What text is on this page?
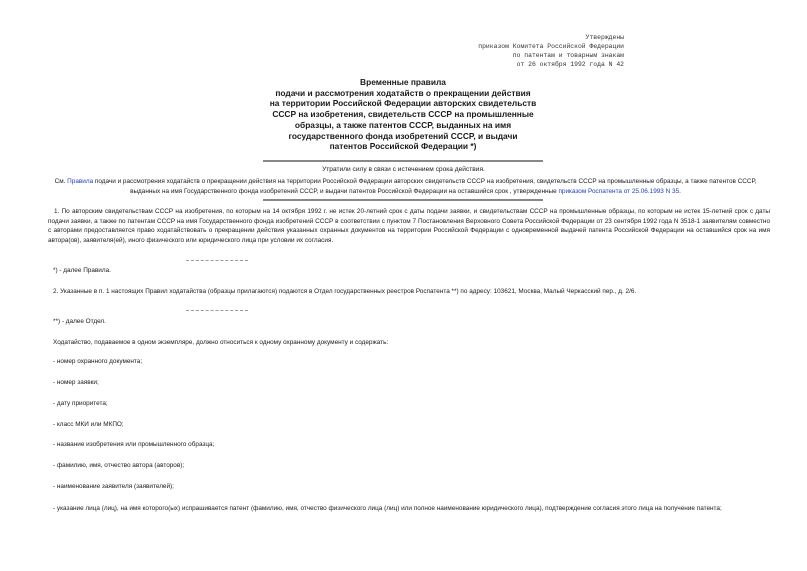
Утверждены
приказом Комитета Российской Федерации
по патентам и товарным знакам
от 26 октября 1992 года N 42
Временные правила
подачи и рассмотрения ходатайств о прекращении действия
на территории Российской Федерации авторских свидетельств
СССР на изобретения, свидетельств СССР на промышленные
образцы, а также патентов СССР, выданных на имя
государственного фонда изобретений СССР, и выдачи
патентов Российской Федерации *)
Утратили силу в связи с истечением срока действия.
См. Правила подачи и рассмотрения ходатайств о прекращении действия на территории Российской Федерации авторских свидетельств СССР на изобретения, свидетельств СССР на промышленные образцы, а также патентов СССР, выданных на имя Государственного фонда изобретений СССР, и выдачи патентов Российской Федерации на оставшийся срок , утвержденные приказом Роспатента от 25.06.1993 N 35.
1. По авторским свидетельствам СССР на изобретения, по которым на 14 октября 1992 г. не истек 20-летний срок с даты подачи заявки, и свидетельствам СССР на промышленные образцы, по которым не истек 15-летний срок с даты подачи заявки, а также по патентам СССР на имя Государственного фонда изобретений СССР в соответствии с пунктом 7 Постановления Верховного Совета Российской Федерации от 23 сентября 1992 года N 3518-1 заявителям совместно с авторами предоставляется право ходатайствовать о прекращении действия указанных охранных документов на территории Российской Федерации с одновременной выдачей патента Российской Федерации на оставшийся срок на имя автора(ов), заявителя(ей), иного физического или юридического лица при условии их согласия.
*) - далее Правила.
2. Указанные в п. 1 настоящих Правил ходатайства (образцы прилагаются) подаются в Отдел государственных реестров Роспатента **) по адресу: 103621, Москва, Малый Черкасский пер., д. 2/6.
**) - далее Отдел.
Ходатайство, подаваемое в одном экземпляре, должно относиться к одному охранному документу и содержать:
- номер охранного документа;
- номер заявки;
- дату приоритета;
- класс МКИ или МКПО;
- название изобретения или промышленного образца;
- фамилию, имя, отчество автора (авторов);
- наименование заявителя (заявителей);
- указание лица (лиц), на имя которого(ых) испрашивается патент (фамилию, имя, отчество физического лица (лиц) или полное наименование юридического лица), подтверждение согласия этого лица на получение патента;
